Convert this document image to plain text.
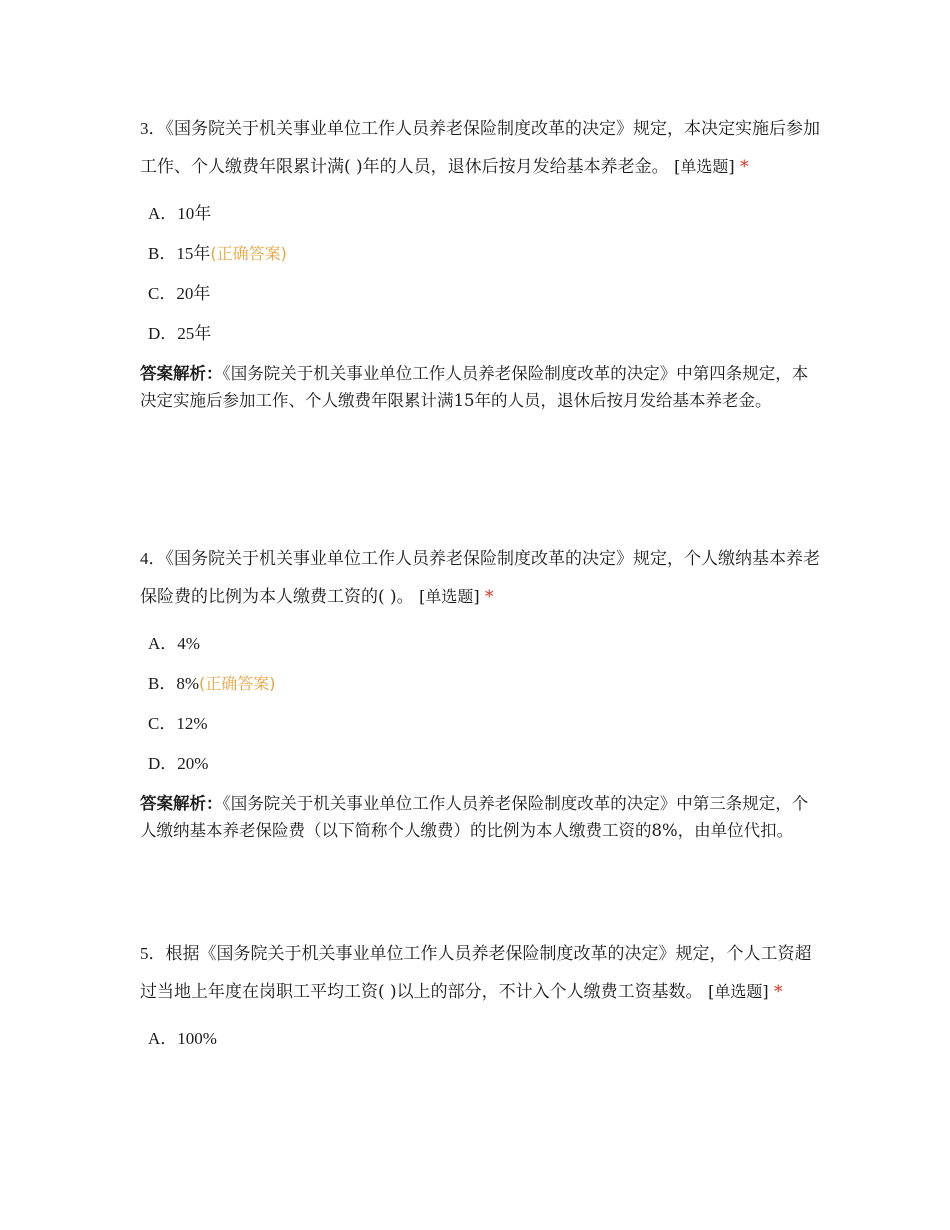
3．《国务院关于机关事业单位工作人员养老保险制度改革的决定》规定，本决定实施后参加工作、个人缴费年限累计满( )年的人员，退休后按月发给基本养老金。 [单选题] *

A．10年
B．15年(正确答案)
C．20年
D．25年

答案解析：《国务院关于机关事业单位工作人员养老保险制度改革的决定》中第四条规定，本决定实施后参加工作、个人缴费年限累计满15年的人员，退休后按月发给基本养老金。

4．《国务院关于机关事业单位工作人员养老保险制度改革的决定》规定，个人缴纳基本养老保险费的比例为本人缴费工资的( )。 [单选题] *

A．4%
B．8%(正确答案)
C．12%
D．20%

答案解析：《国务院关于机关事业单位工作人员养老保险制度改革的决定》中第三条规定，个人缴纳基本养老保险费（以下简称个人缴费）的比例为本人缴费工资的8%，由单位代扣。

5．根据《国务院关于机关事业单位工作人员养老保险制度改革的决定》规定，个人工资超过当地上年度在岗职工平均工资( )以上的部分，不计入个人缴费工资基数。 [单选题] *

A．100%
